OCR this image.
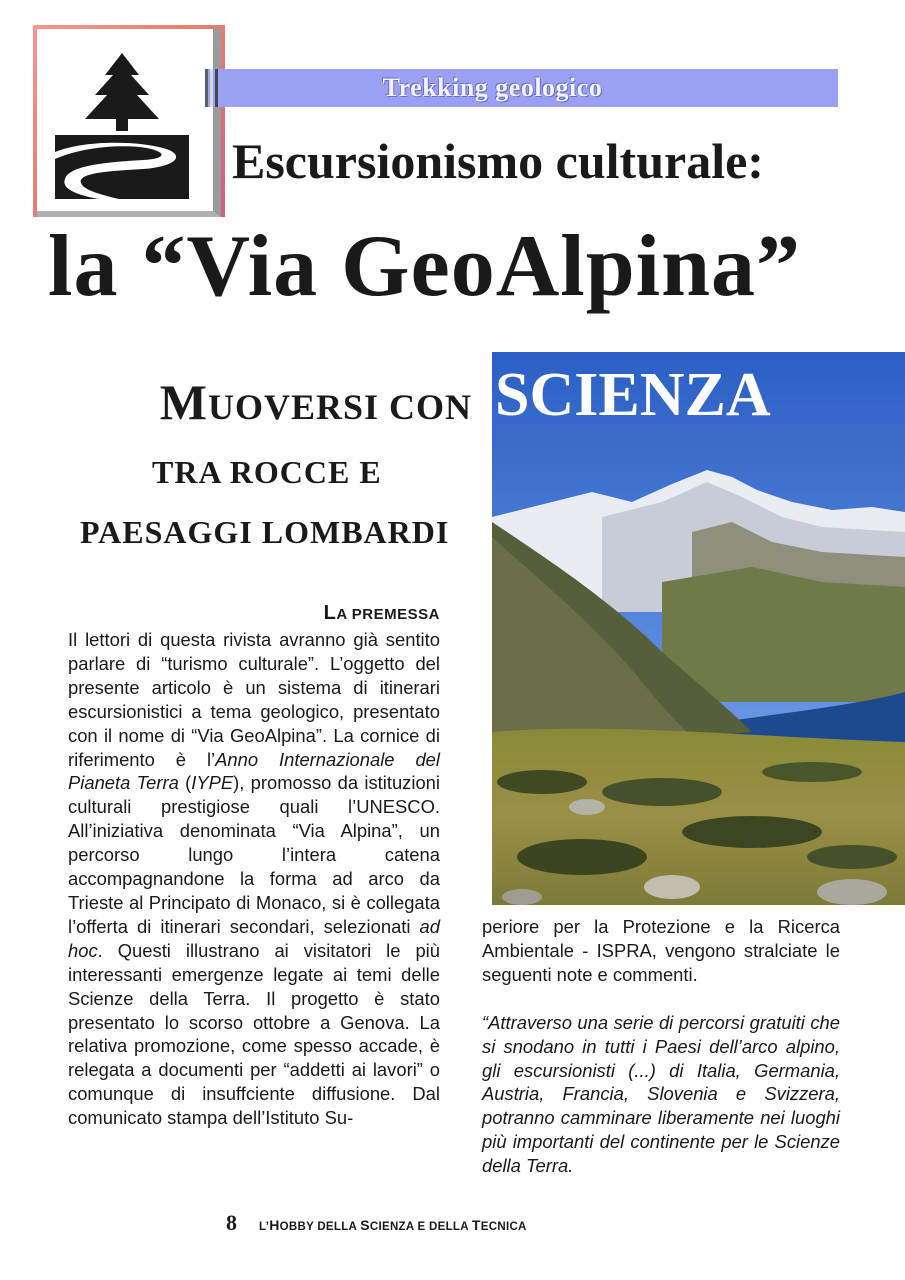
Trekking geologico
Escursionismo culturale:
la “Via GeoAlpina”
SCIENZA
MUOVERSI CON
TRA ROCCE E
PAESAGGI LOMBARDI
LA PREMESSA

Il lettori di questa rivista avranno già sentito parlare di “turismo culturale”. L’oggetto del presente articolo è un sistema di itinerari escursionistici a tema geologico, presentato con il nome di “Via GeoAlpina”. La cornice di riferimento è l’Anno Internazionale del Pianeta Terra (IYPE), promosso da istituzioni culturali prestigiose quali l’UNESCO. All’iniziativa denominata “Via Alpina”, un percorso lungo l’intera catena accompagnandone la forma ad arco da Trieste al Principato di Monaco, si è collegata l’offerta di itinerari secondari, selezionati ad hoc. Questi illustrano ai visitatori le più interessanti emergenze legate ai temi delle Scienze della Terra. Il progetto è stato presentato lo scorso ottobre a Genova. La relativa promozione, come spesso accade, è relegata a documenti per “addetti ai lavori” o comunque di insuffciente diffusione. Dal comunicato stampa dell’Istituto Su-

periore per la Protezione e la Ricerca Ambientale - ISPRA, vengono stralciate le seguenti note e commenti.

“Attraverso una serie di percorsi gratuiti che si snodano in tutti i Paesi dell’arco alpino, gli escursionisti (...) di Italia, Germania, Austria, Francia, Slovenia e Svizzera, potranno camminare liberamente nei luoghi più importanti del continente per le Scienze della Terra.

8 L’HOBBY DELLA SCIENZA E DELLA TECNICA
